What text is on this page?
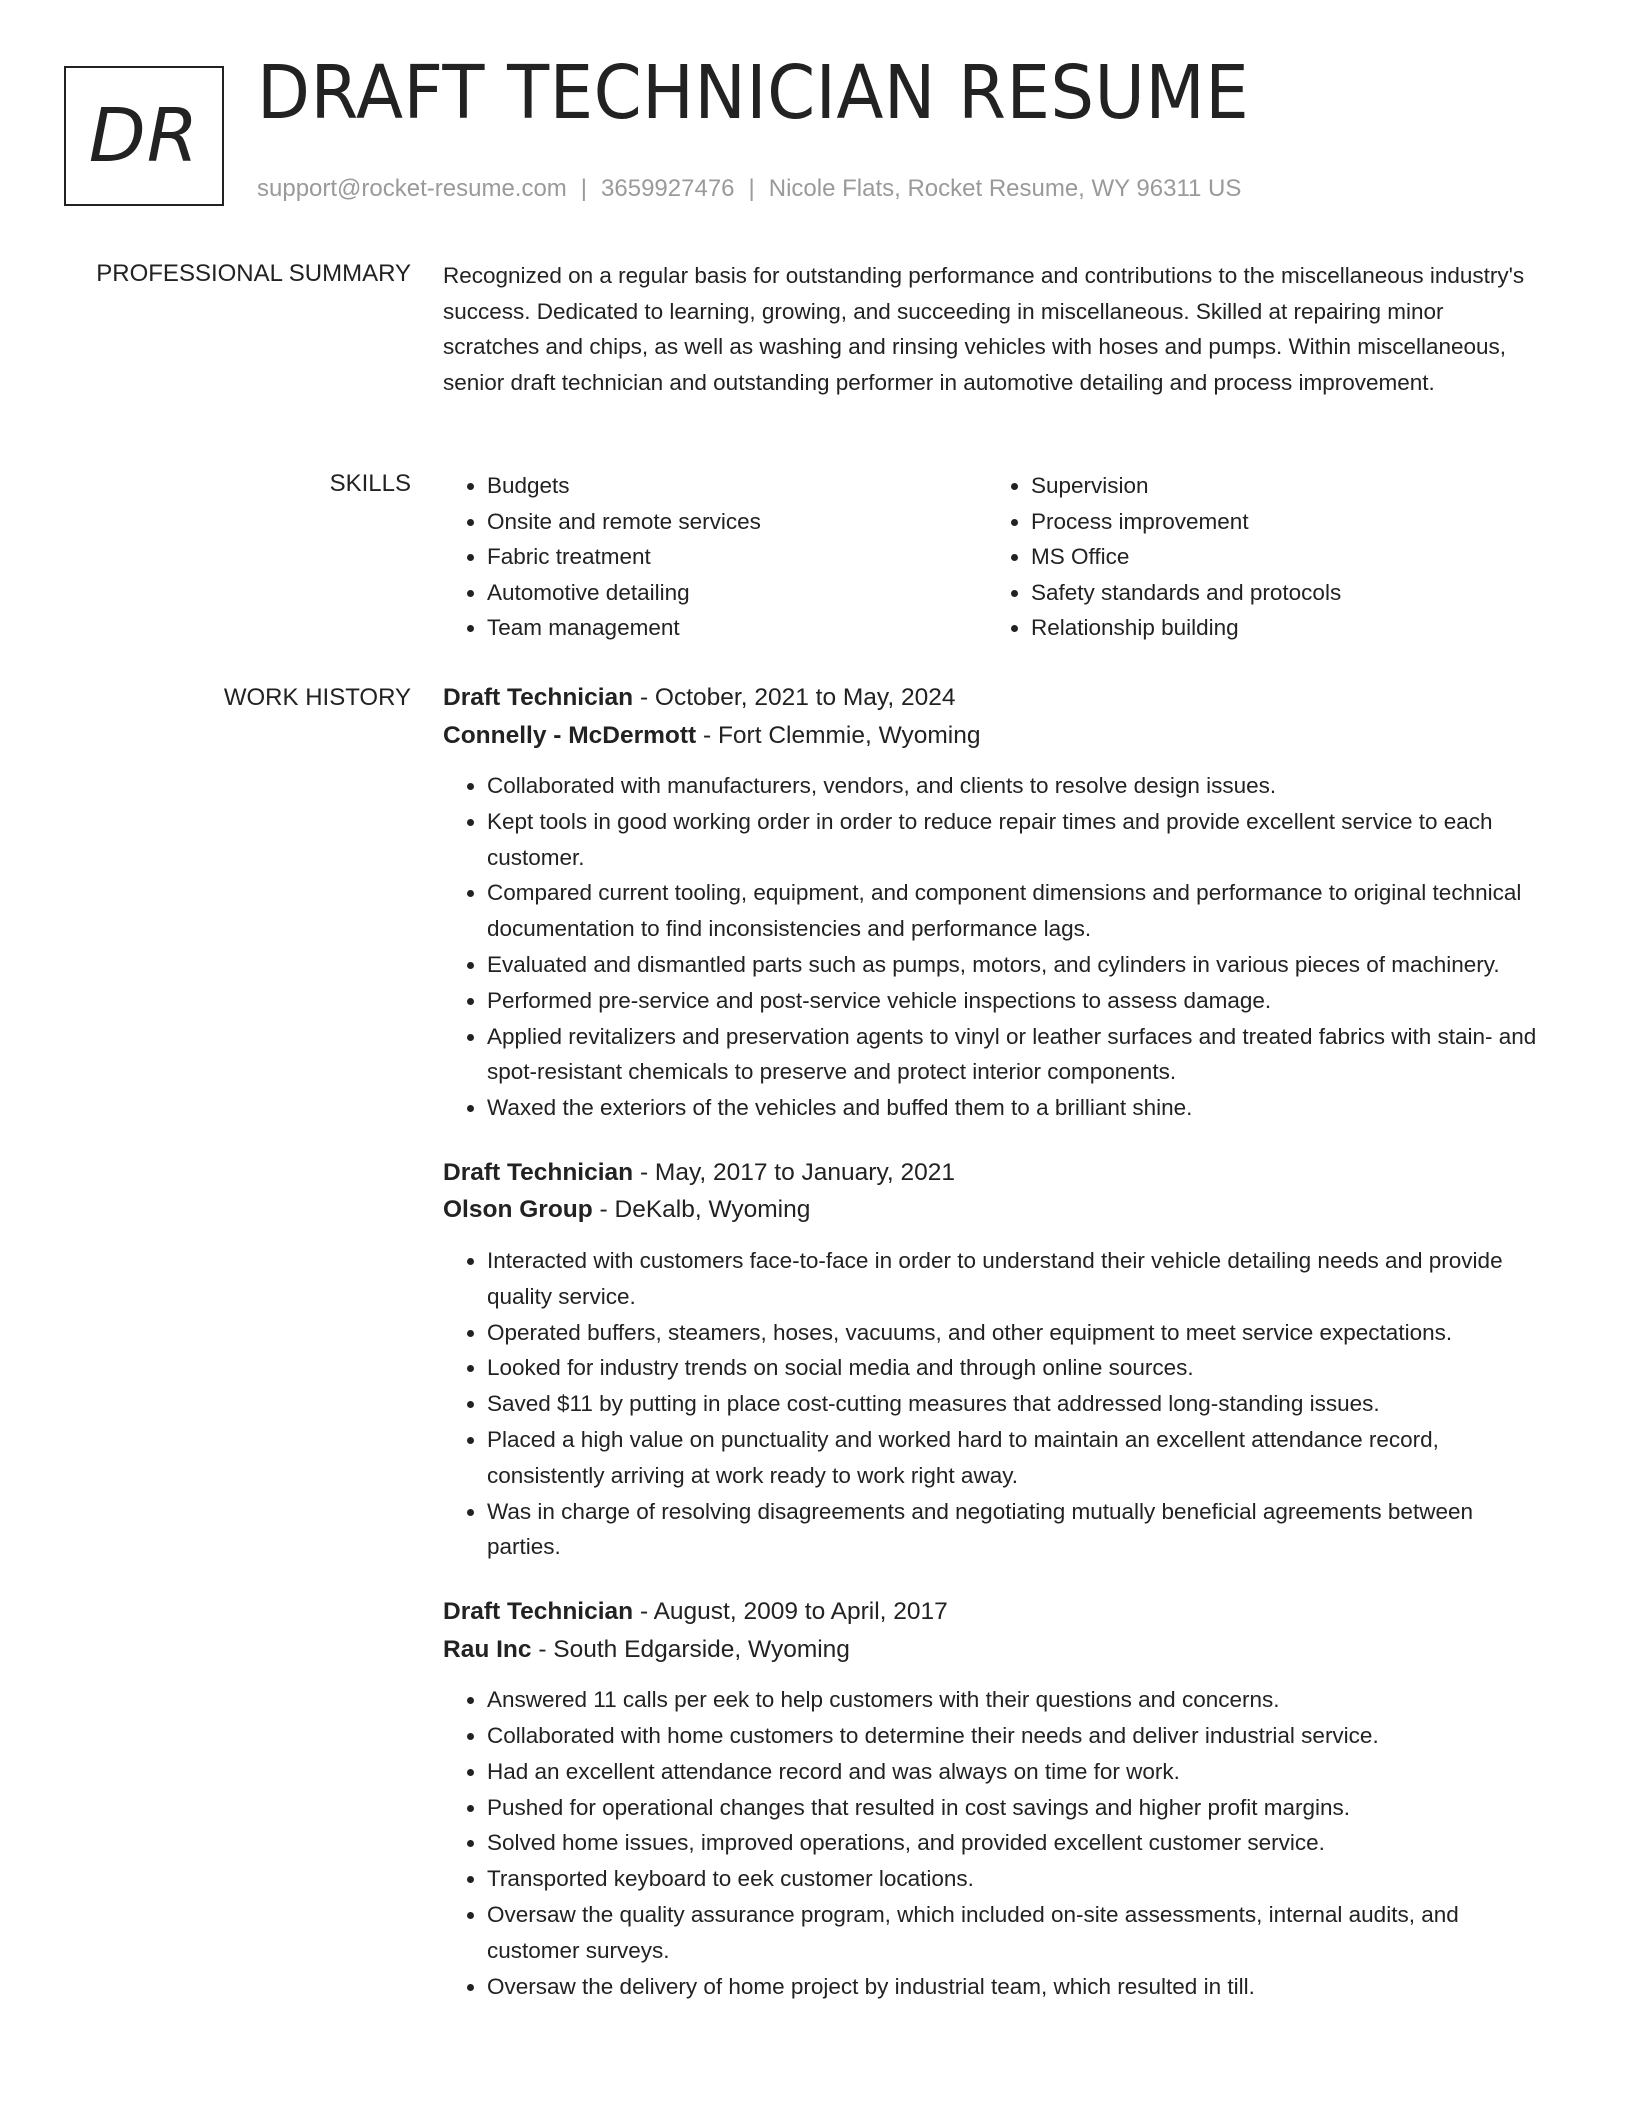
DR DRAFT TECHNICIAN RESUME
support@rocket-resume.com | 3659927476 | Nicole Flats, Rocket Resume, WY 96311 US
PROFESSIONAL SUMMARY Recognized on a regular basis for outstanding performance and contributions to the miscellaneous industry's success. Dedicated to learning, growing, and succeeding in miscellaneous. Skilled at repairing minor scratches and chips, as well as washing and rinsing vehicles with hoses and pumps. Within miscellaneous, senior draft technician and outstanding performer in automotive detailing and process improvement.

SKILLS
•	Budgets
• Onsite and remote services
• Fabric treatment
• Automotive detailing
• Team management
• Supervision
• Process improvement
• MS Office
• Safety standards and protocols
• Relationship building
WORK HISTORY Draft Technician - October, 2021 to May, 2024
Connelly - McDermott - Fort Clemmie, Wyoming
• Collaborated with manufacturers, vendors, and clients to resolve design issues.
• Kept tools in good working order in order to reduce repair times and provide excellent service to each customer.
• Compared current tooling, equipment, and component dimensions and performance to original technical documentation to find inconsistencies and performance lags.
• Evaluated and dismantled parts such as pumps, motors, and cylinders in various pieces of machinery.
• Performed pre-service and post-service vehicle inspections to assess damage.
• Applied revitalizers and preservation agents to vinyl or leather surfaces and treated fabrics with stain- and spot-resistant chemicals to preserve and protect interior components.
• Waxed the exteriors of the vehicles and buffed them to a brilliant shine.
Draft Technician - May, 2017 to January, 2021
Olson Group - DeKalb, Wyoming
• Interacted with customers face-to-face in order to understand their vehicle detailing needs and provide quality service.
• Operated buffers, steamers, hoses, vacuums, and other equipment to meet service expectations.
• Looked for industry trends on social media and through online sources.
• Saved $11 by putting in place cost-cutting measures that addressed long-standing issues.
• Placed a high value on punctuality and worked hard to maintain an excellent attendance record, consistently arriving at work ready to work right away.
• Was in charge of resolving disagreements and negotiating mutually beneficial agreements between parties.
Draft Technician - August, 2009 to April, 2017
Rau Inc - South Edgarside, Wyoming
• Answered 11 calls per eek to help customers with their questions and concerns.
• Collaborated with home customers to determine their needs and deliver industrial service.
• Had an excellent attendance record and was always on time for work.
• Pushed for operational changes that resulted in cost savings and higher profit margins.
• Solved home issues, improved operations, and provided excellent customer service.
• Transported keyboard to eek customer locations.
• Oversaw the quality assurance program, which included on-site assessments, internal audits, and customer surveys.
• Oversaw the delivery of home project by industrial team, which resulted in till.
